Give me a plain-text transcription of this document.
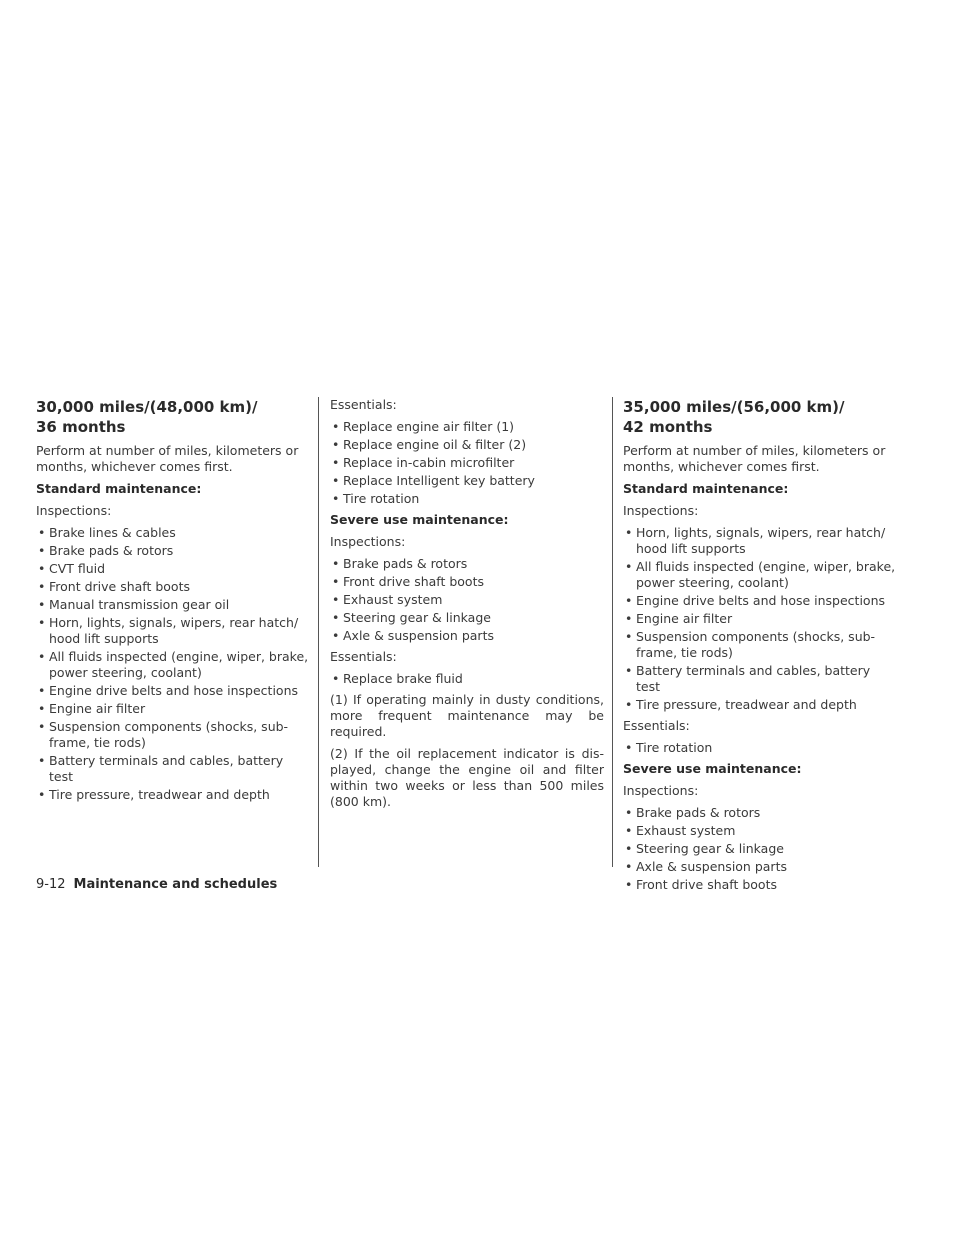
30,000 miles/(48,000 km)/
36 months

Perform at number of miles, kilometers or months, whichever comes first.

Standard maintenance:

Inspections:

• Brake lines & cables
• Brake pads & rotors
• CVT fluid
• Front drive shaft boots
• Manual transmission gear oil
• Horn, lights, signals, wipers, rear hatch/ hood lift supports
• All fluids inspected (engine, wiper, brake, power steering, coolant)
• Engine drive belts and hose inspections
• Engine air filter
• Suspension components (shocks, sub-frame, tie rods)
• Battery terminals and cables, battery test
• Tire pressure, treadwear and depth

Essentials:

• Replace engine air filter (1)
• Replace engine oil & filter (2)
• Replace in-cabin microfilter
• Replace Intelligent key battery
• Tire rotation

Severe use maintenance:

Inspections:

• Brake pads & rotors
• Front drive shaft boots
• Exhaust system
• Steering gear & linkage
• Axle & suspension parts

Essentials:

• Replace brake fluid

(1) If operating mainly in dusty conditions, more frequent maintenance may be required.

(2) If the oil replacement indicator is dis-played, change the engine oil and filter within two weeks or less than 500 miles (800 km).

35,000 miles/(56,000 km)/
42 months

Perform at number of miles, kilometers or months, whichever comes first.

Standard maintenance:

Inspections:

• Horn, lights, signals, wipers, rear hatch/ hood lift supports
• All fluids inspected (engine, wiper, brake, power steering, coolant)
• Engine drive belts and hose inspections
• Engine air filter
• Suspension components (shocks, sub-frame, tie rods)
• Battery terminals and cables, battery test
• Tire pressure, treadwear and depth

Essentials:

• Tire rotation

Severe use maintenance:

Inspections:

• Brake pads & rotors
• Exhaust system
• Steering gear & linkage
• Axle & suspension parts
• Front drive shaft boots
9-12 Maintenance and schedules
